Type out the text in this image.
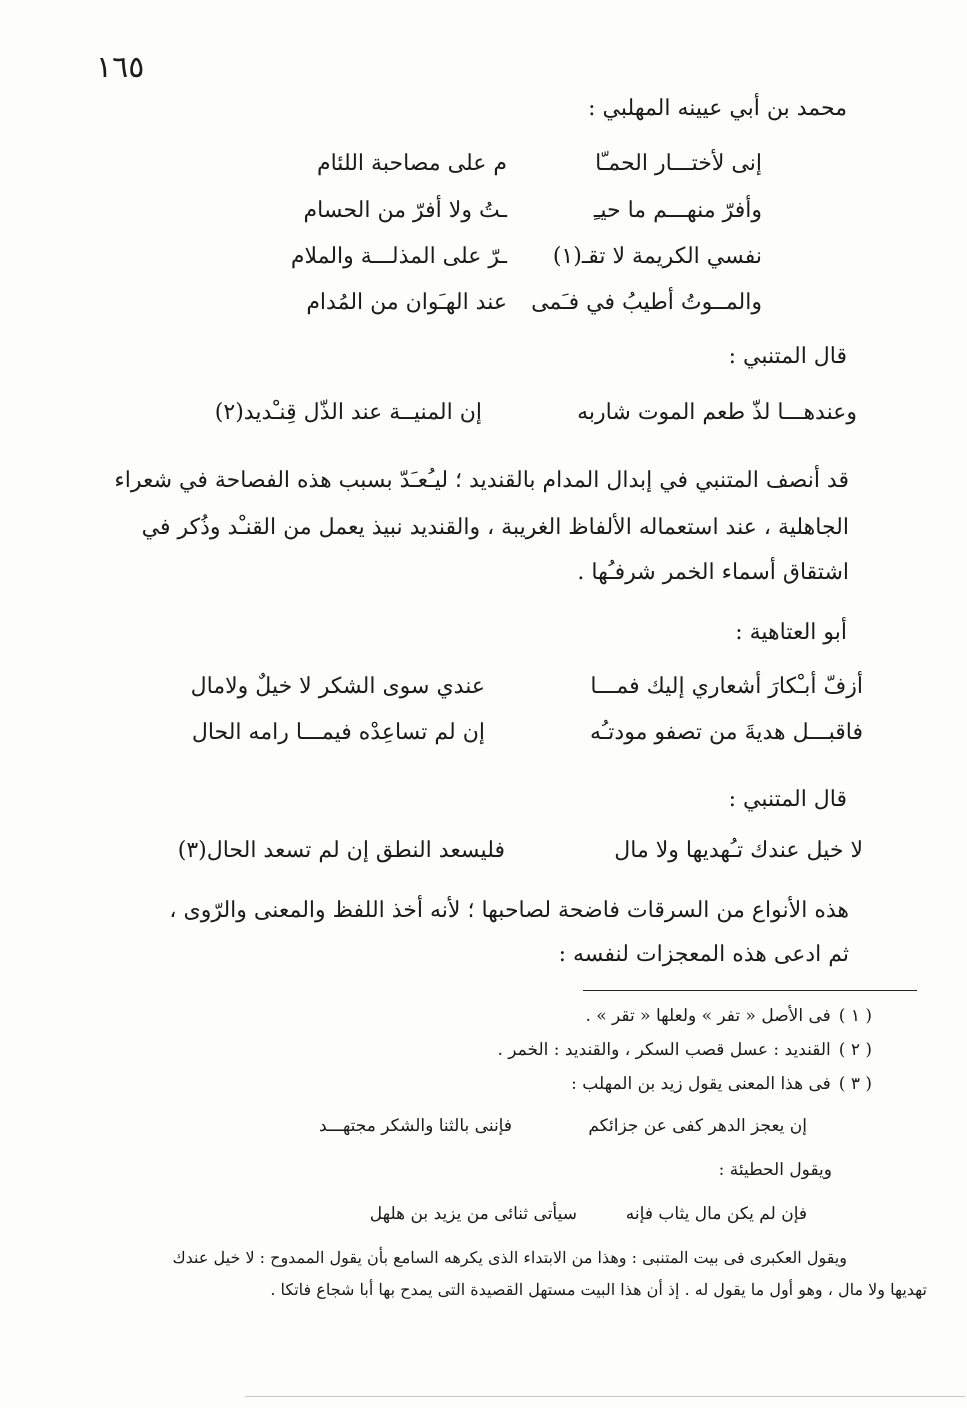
١٦٥
محمد بن أبي عيينه المهلبي :
إنى لأختـــار الحمـّا
م على مصاحبة اللئام
وأفرّ منهـــم ما حيـِ
ـتُ ولا أفرّ من الحسام
نفسي الكريمة لا تقـ(١)
ـرّ على المذلـــة والملام
والمــوتُ أطيبُ في فـَمى
عند الهـَوان من المُدام
قال المتنبي :
وعندهـــا لذّ طعم الموت شاربه
إن المنيــة عند الذّل قِنـْديد(٢)
قد أنصف المتنبي في إبدال المدام بالقنديد ؛ ليـُعـَدّ بسبب هذه الفصاحة في شعراء
الجاهلية ، عند استعماله الألفاظ الغريبة ، والقنديد نبيذ يعمل من القنـْد وذُكر في
اشتقاق أسماء الخمر شرفـُها .
أبو العتاهية :
أزفّ أبـْكارَ أشعاري إليك فمـــا
عندي سوى الشكر لا خيلٌ ولامال
فاقبـــل هديةَ من تصفو مودتـُه
إن لم تساعِدْه فيمـــا رامه الحال
قال المتنبي :
لا خيل عندك تـُهديها ولا مال
فليسعد النطق إن لم تسعد الحال(٣)
هذه الأنواع من السرقات فاضحة لصاحبها ؛ لأنه أخذ اللفظ والمعنى والرّوى ،
ثم ادعى هذه المعجزات لنفسه :
( ١ )فى الأصل « تفر » ولعلها « تقر » .
( ٢ )القنديد : عسل قصب السكر ، والقنديد : الخمر .
( ٣ )فى هذا المعنى يقول زيد بن المهلب :
إن يعجز الدهر كفى عن جزائكم
فإننى بالثنا والشكر مجتهـــد
ويقول الحطيئة :
فإن لم يكن مال يثاب فإنه
سيأتى ثنائى من يزيد بن هلهل
ويقول العكبرى فى بيت المتنبى : وهذا من الابتداء الذى يكرهه السامع بأن يقول الممدوح : لا خيل عندك
تهديها ولا مال ، وهو أول ما يقول له . إذ أن هذا البيت مستهل القصيدة التى يمدح بها أبا شجاع فاتكا .
